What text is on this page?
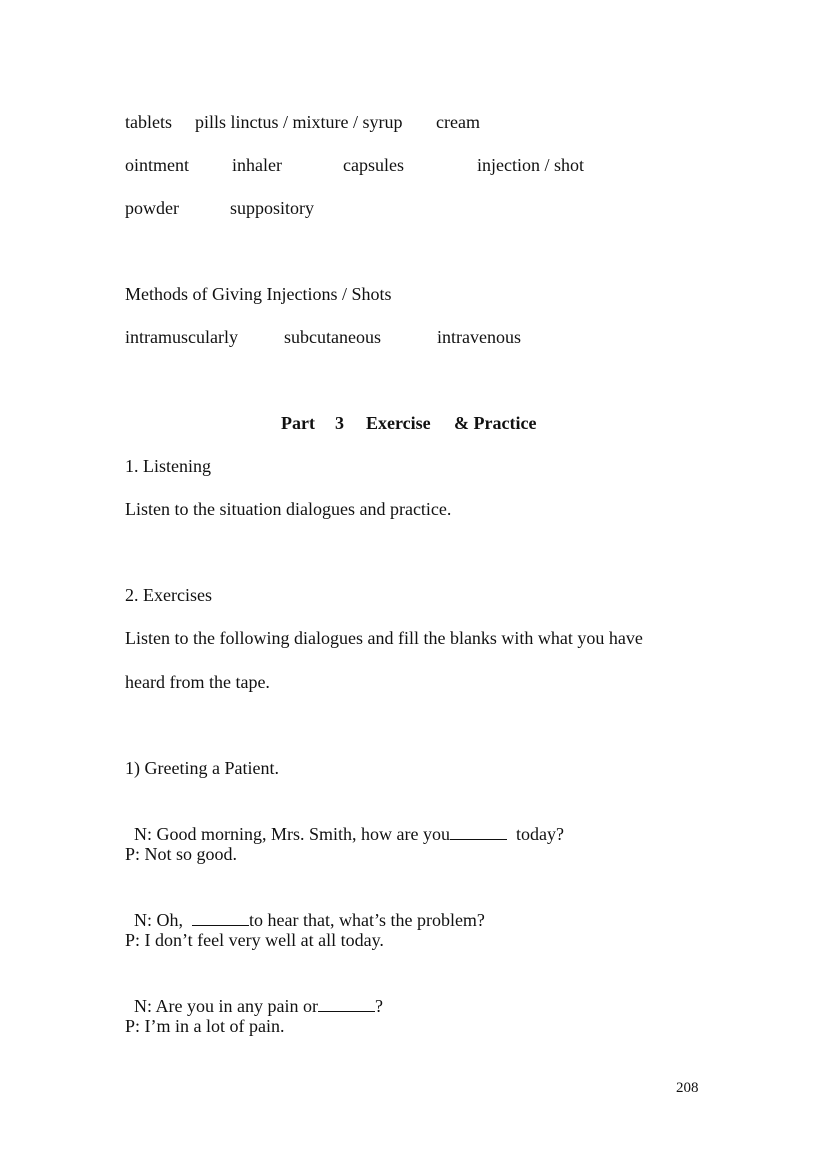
tablets

pills linctus / mixture / syrup

cream

ointment

inhaler

	capsules

	injection / shot

powder

	suppository

Methods of Giving Injections / Shots

intramuscularly

	subcutaneous

	intravenous

Part 3 Exercise & Practice
1. Listening
Listen to the situation dialogues and practice.
2. Exercises
Listen to the following dialogues and fill the blanks with what you have
heard from the tape.
1) Greeting a Patient.

N: Good morning, Mrs. Smith, how are you	today?

P: Not so good.

N: Oh,	to hear that, what’s the problem?

P: I don’t feel very well at all today.

N: Are you in any pain or	?

P: I’m in a lot of pain.
208
